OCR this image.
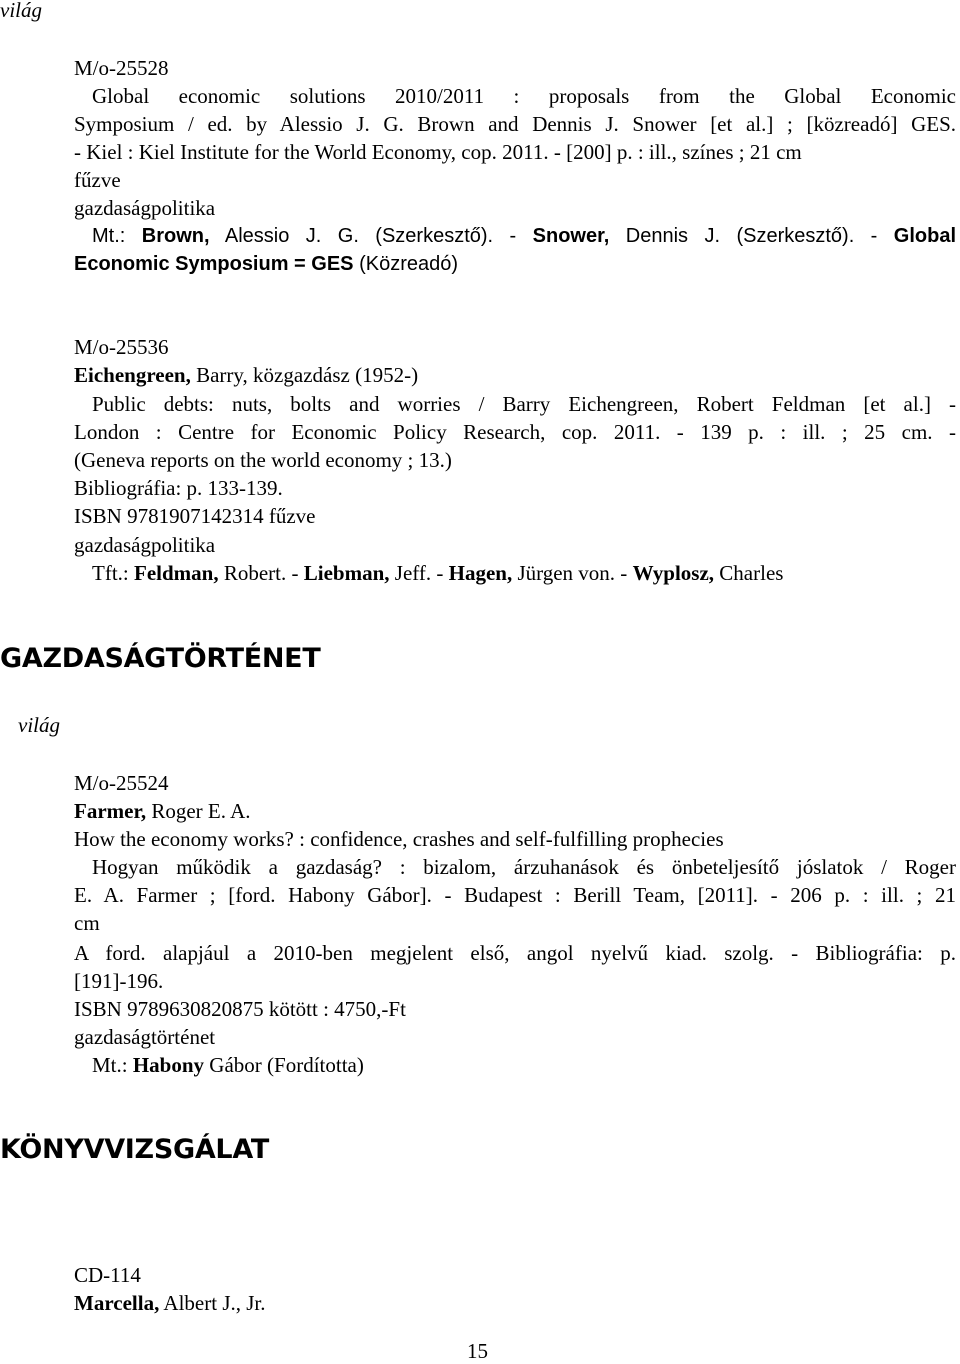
világ
M/o-25528
Global economic solutions 2010/2011 : proposals from the Global Economic
Symposium / ed. by Alessio J. G. Brown and Dennis J. Snower [et al.] ; [közreadó] GES.
- Kiel : Kiel Institute for the World Economy, cop. 2011. - [200] p. : ill., színes ; 21 cm
fűzve
gazdaságpolitika
Mt.: Brown, Alessio J. G. (Szerkesztő). - Snower, Dennis J. (Szerkesztő). - Global
Economic Symposium = GES (Közreadó)
M/o-25536
Eichengreen, Barry, közgazdász (1952-)
Public debts: nuts, bolts and worries / Barry Eichengreen, Robert Feldman [et al.] -
London : Centre for Economic Policy Research, cop. 2011. - 139 p. : ill. ; 25 cm. -
(Geneva reports on the world economy ; 13.)
Bibliográfia: p. 133-139.
ISBN 9781907142314 fűzve
gazdaságpolitika
Tft.: Feldman, Robert. - Liebman, Jeff. - Hagen, Jürgen von. - Wyplosz, Charles
GAZDASÁGTÖRTÉNET
világ
M/o-25524
Farmer, Roger E. A.
How the economy works? : confidence, crashes and self-fulfilling prophecies
Hogyan működik a gazdaság? : bizalom, árzuhanások és önbeteljesítő jóslatok / Roger
E. A. Farmer ; [ford. Habony Gábor]. - Budapest : Berill Team, [2011]. - 206 p. : ill. ; 21
cm
A ford. alapjául a 2010-ben megjelent első, angol nyelvű kiad. szolg. - Bibliográfia: p.
[191]-196.
ISBN 9789630820875 kötött : 4750,-Ft
gazdaságtörténet
Mt.: Habony Gábor (Fordította)
KÖNYVVIZSGÁLAT
CD-114
Marcella, Albert J., Jr.
15
